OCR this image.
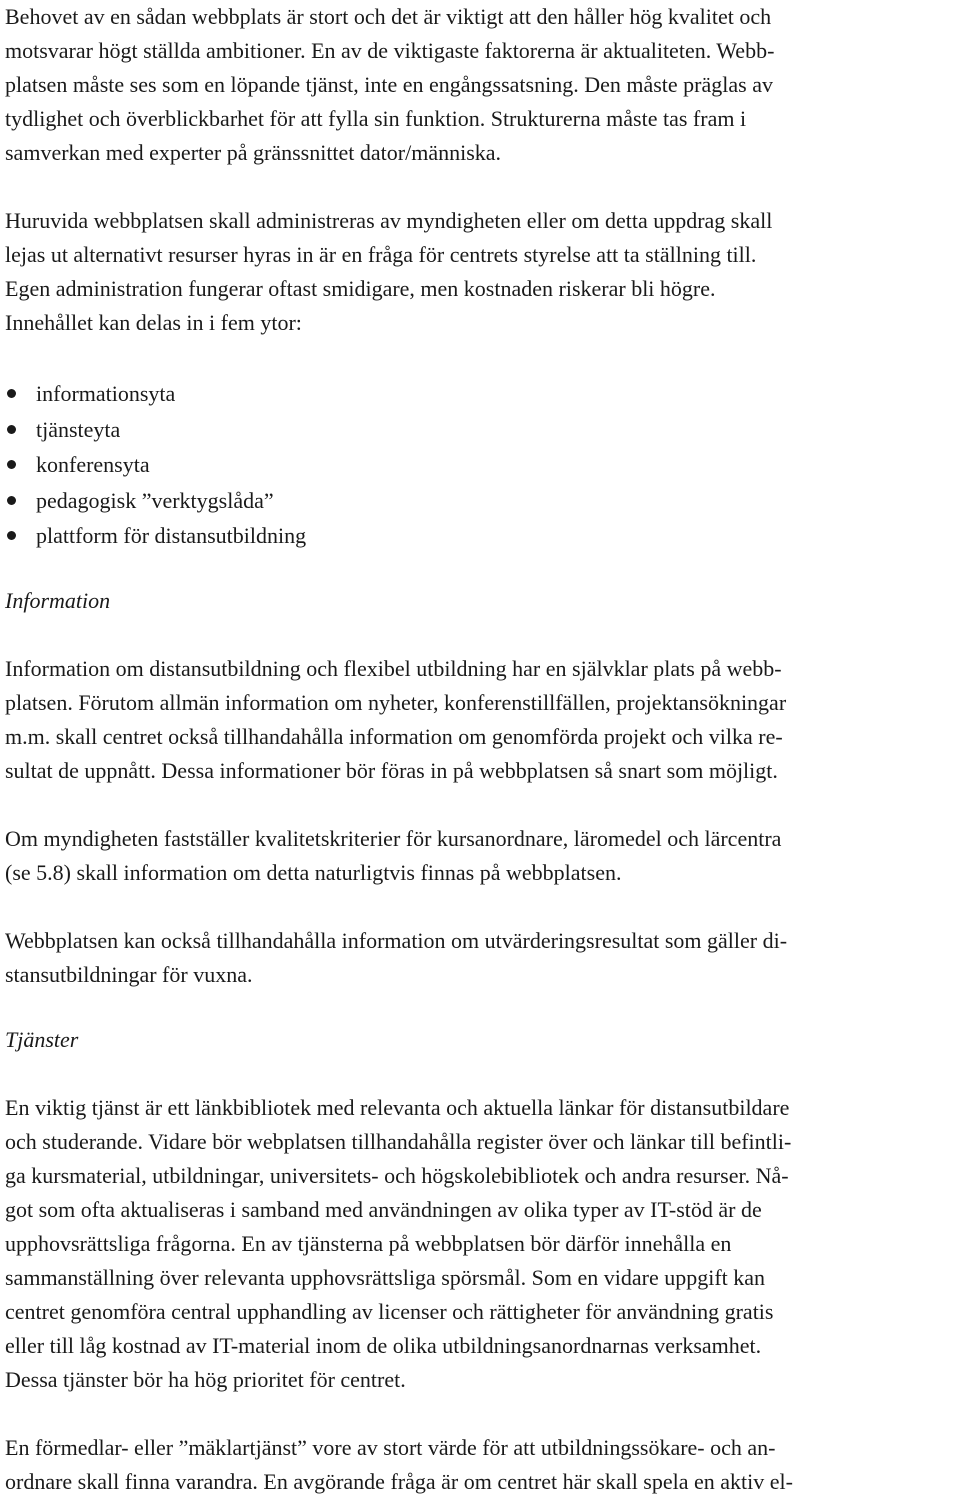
Behovet av en sådan webbplats är stort och det är viktigt att den håller hög kvalitet och
motsvarar högt ställda ambitioner. En av de viktigaste faktorerna är aktualiteten. Webb-
platsen måste ses som en löpande tjänst, inte en engångssatsning. Den måste präglas av
tydlighet och överblickbarhet för att fylla sin funktion. Strukturerna måste tas fram i
samverkan med experter på gränssnittet dator/människa.
Huruvida webbplatsen skall administreras av myndigheten eller om detta uppdrag skall
lejas ut alternativt resurser hyras in är en fråga för centrets styrelse att ta ställning till.
Egen administration fungerar oftast smidigare, men kostnaden riskerar bli högre.
Innehållet kan delas in i fem ytor:
informationsyta
tjänsteyta
konferensyta
pedagogisk ”verktygslåda”
plattform för distansutbildning

Information

Information om distansutbildning och flexibel utbildning har en självklar plats på webb-
platsen. Förutom allmän information om nyheter, konferenstillfällen, projektansökningar
m.m. skall centret också tillhandahålla information om genomförda projekt och vilka re-
sultat de uppnått. Dessa informationer bör föras in på webbplatsen så snart som möjligt.
Om myndigheten fastställer kvalitetskriterier för kursanordnare, läromedel och lärcentra
(se 5.8) skall information om detta naturligtvis finnas på webbplatsen.
Webbplatsen kan också tillhandahålla information om utvärderingsresultat som gäller di-
stansutbildningar för vuxna.

Tjänster

En viktig tjänst är ett länkbibliotek med relevanta och aktuella länkar för distansutbildare
och studerande. Vidare bör webplatsen tillhandahålla register över och länkar till befintli-
ga kursmaterial, utbildningar, universitets- och högskolebibliotek och andra resurser. Nå-
got som ofta aktualiseras i samband med användningen av olika typer av IT-stöd är de
upphovsrättsliga frågorna. En av tjänsterna på webbplatsen bör därför innehålla en
sammanställning över relevanta upphovsrättsliga spörsmål. Som en vidare uppgift kan
centret genomföra central upphandling av licenser och rättigheter för användning gratis
eller till låg kostnad av IT-material inom de olika utbildningsanordnarnas verksamhet.
Dessa tjänster bör ha hög prioritet för centret.
En förmedlar- eller ”mäklartjänst” vore av stort värde för att utbildningssökare- och an-
ordnare skall finna varandra. En avgörande fråga är om centret här skall spela en aktiv el-
